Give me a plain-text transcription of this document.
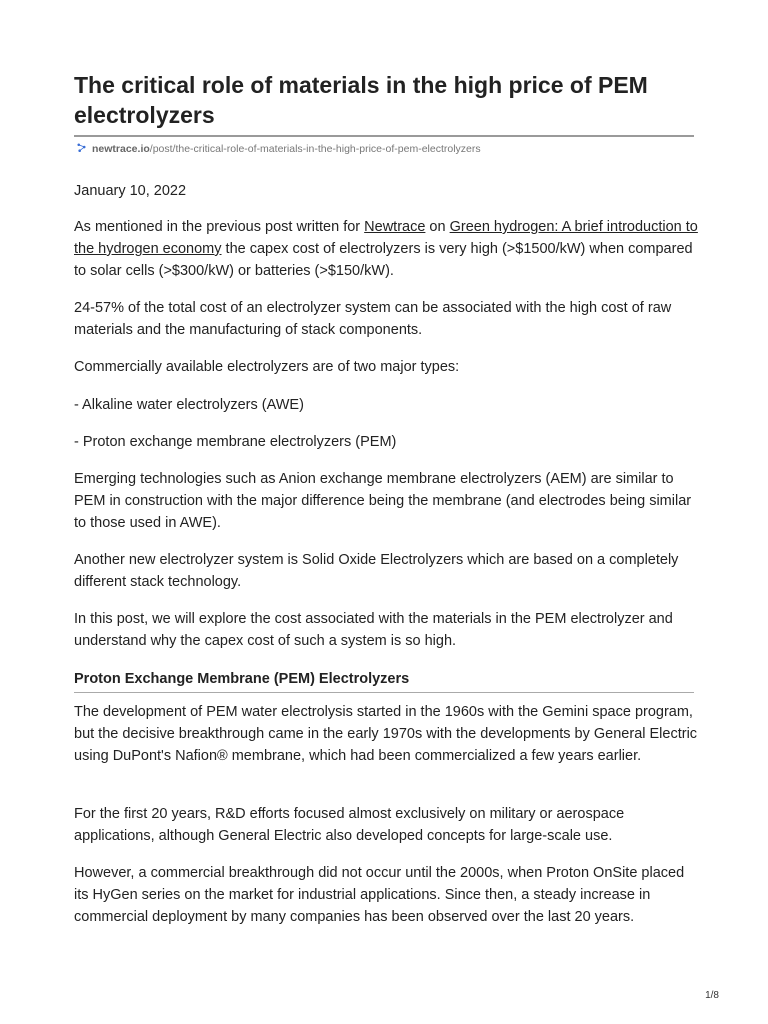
The critical role of materials in the high price of PEM electrolyzers
newtrace.io/post/the-critical-role-of-materials-in-the-high-price-of-pem-electrolyzers
January 10, 2022

As mentioned in the previous post written for Newtrace on Green hydrogen: A brief introduction to the hydrogen economy the capex cost of electrolyzers is very high (>$1500/kW) when compared to solar cells (>$300/kW) or batteries (>$150/kW).

24-57% of the total cost of an electrolyzer system can be associated with the high cost of raw materials and the manufacturing of stack components.

Commercially available electrolyzers are of two major types:

- Alkaline water electrolyzers (AWE)

- Proton exchange membrane electrolyzers (PEM)

Emerging technologies such as Anion exchange membrane electrolyzers (AEM) are similar to PEM in construction with the major difference being the membrane (and electrodes being similar to those used in AWE).

Another new electrolyzer system is Solid Oxide Electrolyzers which are based on a completely different stack technology.

In this post, we will explore the cost associated with the materials in the PEM electrolyzer and understand why the capex cost of such a system is so high.

Proton Exchange Membrane (PEM) Electrolyzers

The development of PEM water electrolysis started in the 1960s with the Gemini space program, but the decisive breakthrough came in the early 1970s with the developments by General Electric using DuPont's Nafion® membrane, which had been commercialized a few years earlier.

For the first 20 years, R&D efforts focused almost exclusively on military or aerospace applications, although General Electric also developed concepts for large-scale use.

However, a commercial breakthrough did not occur until the 2000s, when Proton OnSite placed its HyGen series on the market for industrial applications. Since then, a steady increase in commercial deployment by many companies has been observed over the last 20 years.

1/8
